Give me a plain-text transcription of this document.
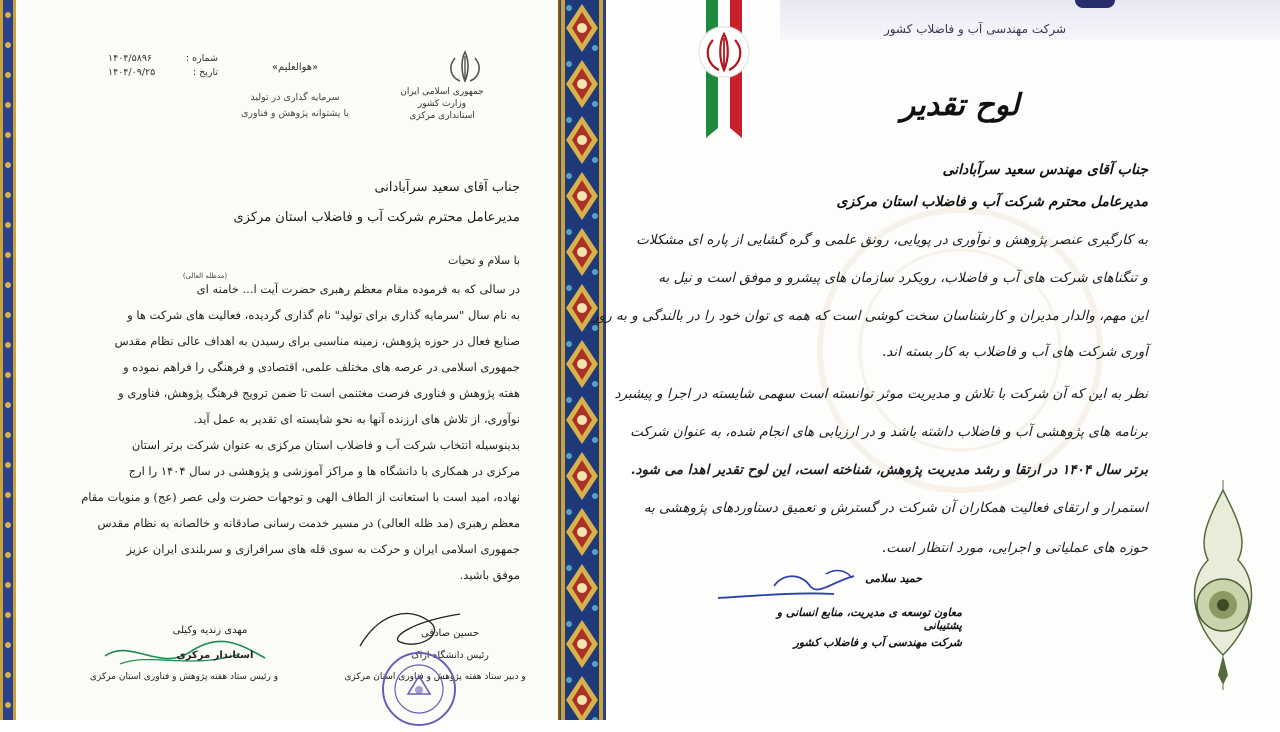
جمهوری اسلامی ایران
وزارت کشور
استانداری مرکزی
«هوالعلیم»
سرمایه گذاری در تولید
با پشتوانه پژوهش و فناوری
۱۴۰۴/۵۸۹۶	شماره :
۱۴۰۴/۰۹/۲۵	تاریخ :
جناب آقای سعید سرآبادانی
مدیرعامل محترم شرکت آب و فاضلاب استان مرکزی
با سلام و تحیات
(مدظله العالی)
در سالی که به فرموده مقام معظم رهبری حضرت آیت ا... خامنه ای
به نام سال "سرمایه گذاری برای تولید" نام گذاری گردیده، فعالیت های شرکت ها و
صنایع فعال در حوزه پژوهش، زمینه مناسبی برای رسیدن به اهداف عالی نظام مقدس
جمهوری اسلامی در عرصه های مختلف علمی، اقتصادی و فرهنگی را فراهم نموده و
هفته پژوهش و فناوری فرصت مغتنمی است تا ضمن ترویج فرهنگ پژوهش، فناوری و
نوآوری، از تلاش های ارزنده آنها به نحو شایسته ای تقدیر به عمل آید.
بدینوسیله انتخاب شرکت آب و فاضلاب استان مرکزی به عنوان شرکت برتر استان
مرکزی در همکاری با دانشگاه ها و مراکز آموزشی و پژوهشی در سال ۱۴۰۴ را ارج
نهاده، امید است با استعانت از الطاف الهی و توجهات حضرت ولی عصر (عج) و منویات مقام
معظم رهبری (مد ظله العالی) در مسیر خدمت رسانی صادقانه و خالصانه به نظام مقدس
جمهوری اسلامی ایران و حرکت به سوی قله های سرافرازی و سربلندی ایران عزیز
موفق باشید.
مهدی زندیه وکیلی
استاندار مرکزی
و رئیس ستاد هفته پژوهش و فناوری استان مرکزی
حسین صادقی
رئیس دانشگاه اراک
و دبیر ستاد هفته پژوهش و فناوری استان مرکزی
شرکت مهندسی آب و فاضلاب کشور
لوح تقدیر
جناب آقای مهندس سعید سرآبادانی
مدیرعامل محترم شرکت آب و فاضلاب استان مرکزی
به کارگیری عنصر پژوهش و نوآوری در پویایی، رونق علمی و گره گشایی از پاره ای مشکلات
و تنگناهای شرکت های آب و فاضلاب، رویکرد سازمان های پیشرو و موفق است و نیل به
این مهم، والدار مدیران و کارشناسان سخت کوشی است که همه ی توان خود را در بالندگی و به روز
آوری شرکت های آب و فاضلاب به کار بسته اند.
نظر به این که آن شرکت با تلاش و مدیریت موثر توانسته است سهمی شایسته در اجرا و پیشبرد
برنامه های پژوهشی آب و فاضلاب داشته باشد و در ارزیابی های انجام شده، به عنوان شرکت
برتر سال ۱۴۰۴ در ارتقا و رشد مدیریت پژوهش، شناخته است، این لوح تقدیر اهدا می شود.
استمرار و ارتقای فعالیت همکاران آن شرکت در گسترش و تعمیق دستاوردهای پژوهشی به
حوزه های عملیاتی و اجرایی، مورد انتظار است.
حمید سلامی
معاون توسعه ی مدیریت، منابع انسانی و پشتیبانی
شرکت مهندسی آب و فاضلاب کشور
